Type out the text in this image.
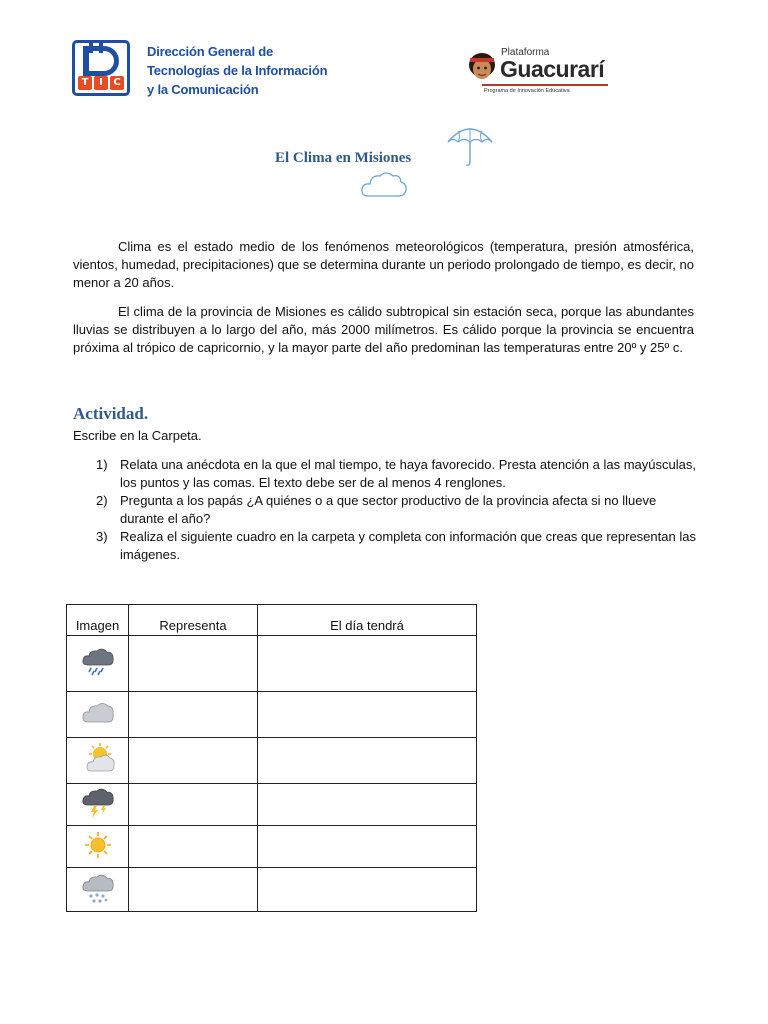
T	I	C
Dirección General de
Tecnologías de la Información
y la Comunicación
Plataforma
Guacurarí
Programa de Innovación Educativa
El Clima en Misiones

Clima es el estado medio de los fenómenos meteorológicos (temperatura, presión atmosférica, vientos, humedad, precipitaciones) que se determina durante un periodo prolongado de tiempo, es decir, no menor a 20 años.

El clima de la provincia de Misiones es cálido subtropical sin estación seca, porque las abundantes lluvias se distribuyen a lo largo del año, más 2000 milímetros. Es cálido porque la provincia se encuentra próxima al trópico de capricornio, y la mayor parte del año predominan las temperaturas entre 20º y 25º c.

Actividad.
Escribe en la Carpeta.
1) Relata una anécdota en la que el mal tiempo, te haya favorecido. Presta atención a las mayúsculas, los puntos y las comas. El texto debe ser de al menos 4 renglones.
2) Pregunta a los papás ¿A quiénes o a que sector productivo de la provincia afecta si no llueve durante el año?
3) Realiza el siguiente cuadro en la carpeta y completa con información que creas que representan las imágenes.
Imagen	Representa	El día tendrá
